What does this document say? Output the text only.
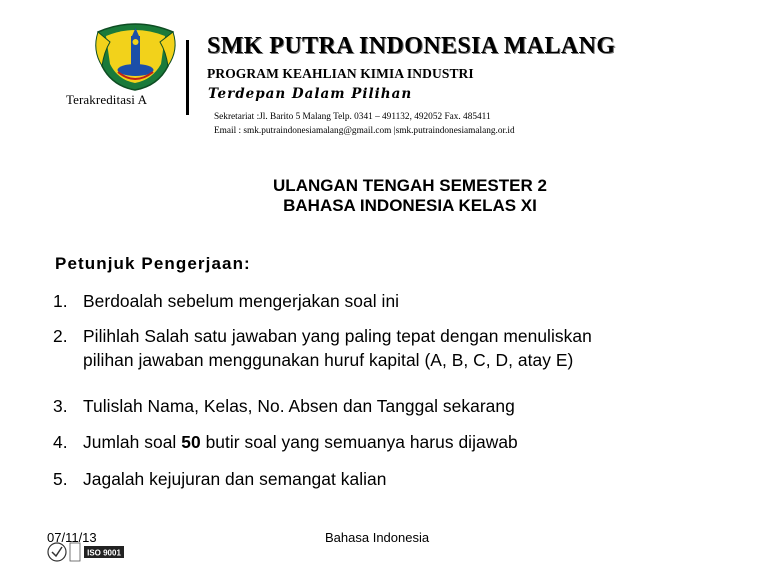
Terakreditasi A
SMK PUTRA INDONESIA MALANG
PROGRAM KEAHLIAN KIMIA INDUSTRI
Terdepan Dalam Pilihan
Sekretariat :Jl. Barito 5 Malang Telp. 0341 – 491132, 492052 Fax. 485411
Email : smk.putraindonesiamalang@gmail.com |smk.putraindonesiamalang.or.id
ULANGAN TENGAH SEMESTER 2
BAHASA INDONESIA KELAS XI
Petunjuk Pengerjaan:
1. Berdoalah sebelum mengerjakan soal ini
2. Pilihlah Salah satu jawaban yang paling tepat dengan menuliskan
pilihan jawaban menggunakan huruf kapital (A, B, C, D, atay E)
3. Tulislah Nama, Kelas, No. Absen dan Tanggal sekarang
4. Jumlah soal 50 butir soal yang semuanya harus dijawab
5. Jagalah kejujuran dan semangat kalian
ISO 9001
07/11/13	Bahasa Indonesia
